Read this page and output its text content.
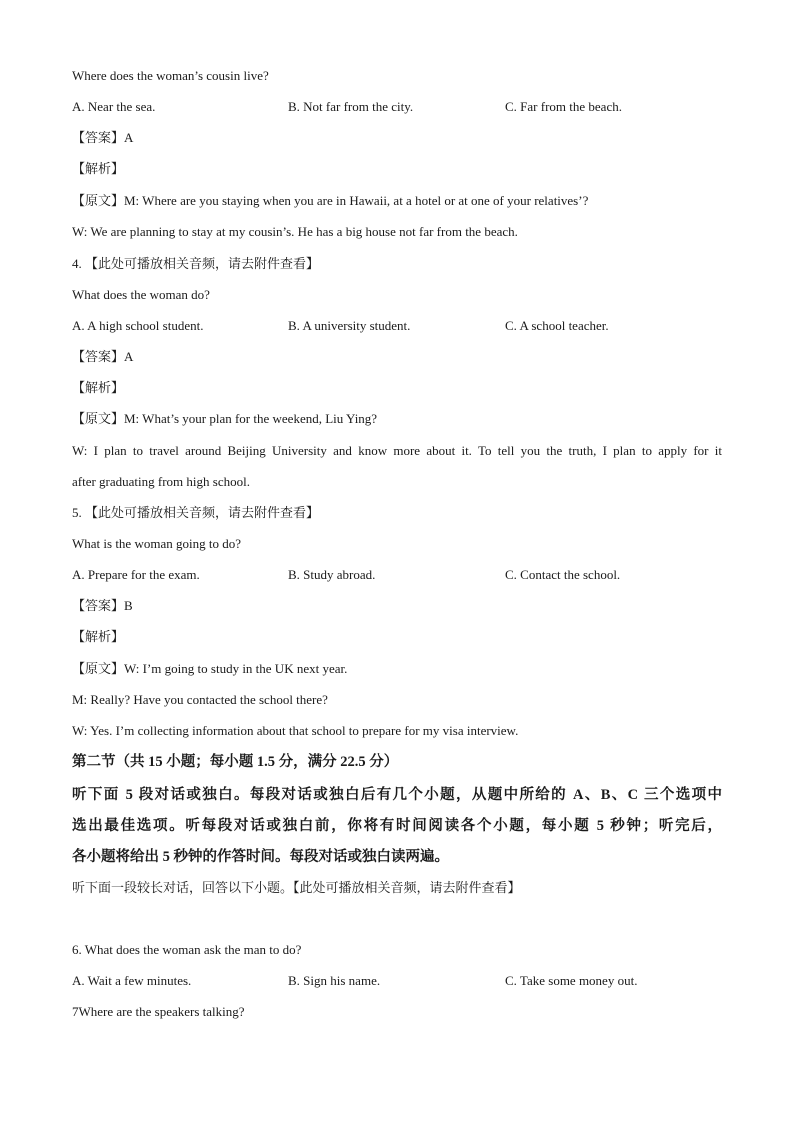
Where does the woman’s cousin live?
A. Near the sea.	B. Not far from the city.	C. Far from the beach.
【答案】A
【解析】
【原文】M: Where are you staying when you are in Hawaii, at a hotel or at one of your relatives’?
W: We are planning to stay at my cousin’s. He has a big house not far from the beach.
4. 【此处可播放相关音频，请去附件查看】
What does the woman do?
A. A high school student.	B. A university student.	C. A school teacher.
【答案】A
【解析】
【原文】M: What’s your plan for the weekend, Liu Ying?
W: I plan to travel around Beijing University and know more about it. To tell you the truth, I plan to apply for it
after graduating from high school.
5. 【此处可播放相关音频，请去附件查看】
What is the woman going to do?
A. Prepare for the exam.	B. Study abroad.	C. Contact the school.
【答案】B
【解析】
【原文】W: I’m going to study in the UK next year.
M: Really? Have you contacted the school there?
W: Yes. I’m collecting information about that school to prepare for my visa interview.
第二节（共 15 小题；每小题 1.5 分，满分 22.5 分）
听下面 5 段对话或独白。每段对话或独白后有几个小题，从题中所给的 A、B、C 三个选项中
选出最佳选项。听每段对话或独白前，你将有时间阅读各个小题，每小题 5 秒钟；听完后，
各小题将给出 5 秒钟的作答时间。每段对话或独白读两遍。
听下面一段较长对话，回答以下小题。【此处可播放相关音频，请去附件查看】
6. What does the woman ask the man to do?
A. Wait a few minutes.	B. Sign his name.	C. Take some money out.
7Where are the speakers talking?
